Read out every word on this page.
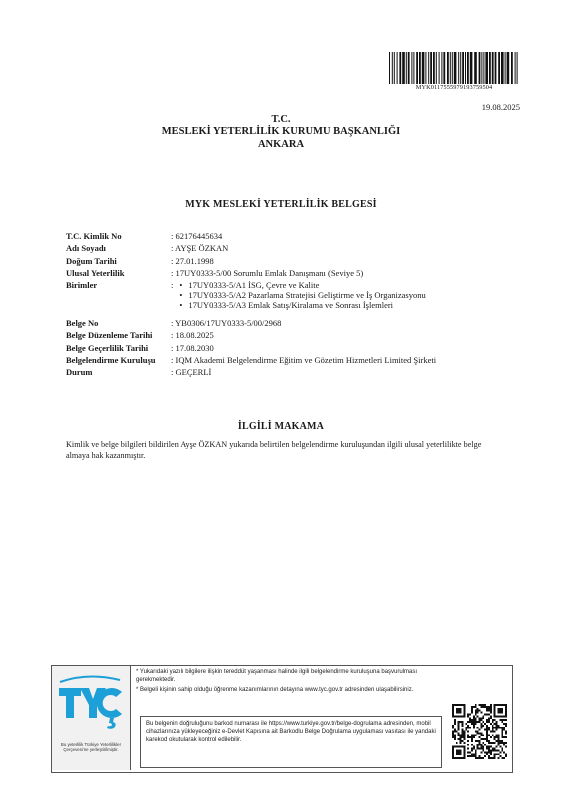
MYK0117555979193759504
19.08.2025
T.C.
MESLEKİ YETERLİLİK KURUMU BAŞKANLIĞI
ANKARA
MYK MESLEKİ YETERLİLİK BELGESİ
T.C. Kimlik No	: 62176445634
Adı Soyadı	: AYŞE ÖZKAN
Doğum Tarihi	: 27.01.1998
Ulusal Yeterlilik	: 17UY0333-5/00 Sorumlu Emlak Danışmanı (Seviye 5)
Birimler	:
•	17UY0333-5/A1 İSG, Çevre ve Kalite
• 17UY0333-5/A2 Pazarlama Stratejisi Geliştirme ve İş Organizasyonu
• 17UY0333-5/A3 Emlak Satış/Kiralama ve Sonrası İşlemleri
Belge No	: YB0306/17UY0333-5/00/2968
Belge Düzenleme Tarihi	: 18.08.2025
Belge Geçerlilik Tarihi	: 17.08.2030
Belgelendirme Kuruluşu	: IQM Akademi Belgelendirme Eğitim ve Gözetim Hizmetleri Limited Şirketi
Durum	: GEÇERLİ
İLGİLİ MAKAMA
Kimlik ve belge bilgileri bildirilen Ayşe ÖZKAN yukarıda belirtilen belgelendirme kuruluşundan ilgili ulusal yeterlilikte belge almaya hak kazanmıştır.
Bu yeterlilik Türkiye Yeterlilikler Çerçevesi'ne yerleştirilmiştir.

* Yukarıdaki yazılı bilgilere ilişkin tereddüt yaşanması halinde ilgili belgelendirme kuruluşuna başvurulması gerekmektedir.

* Belgeli kişinin sahip olduğu öğrenme kazanımlarının detayına www.tyc.gov.tr adresinden ulaşabilirsiniz.

Bu belgenin doğruluğunu barkod numarası ile https://www.turkiye.gov.tr/belge-dogrulama adresinden, mobil cihazlarınıza yükleyeceğiniz e-Devlet Kapısına ait Barkodlu Belge Doğrulama uygulaması vasıtası ile yandaki karekod okutularak kontrol edilebilir.
